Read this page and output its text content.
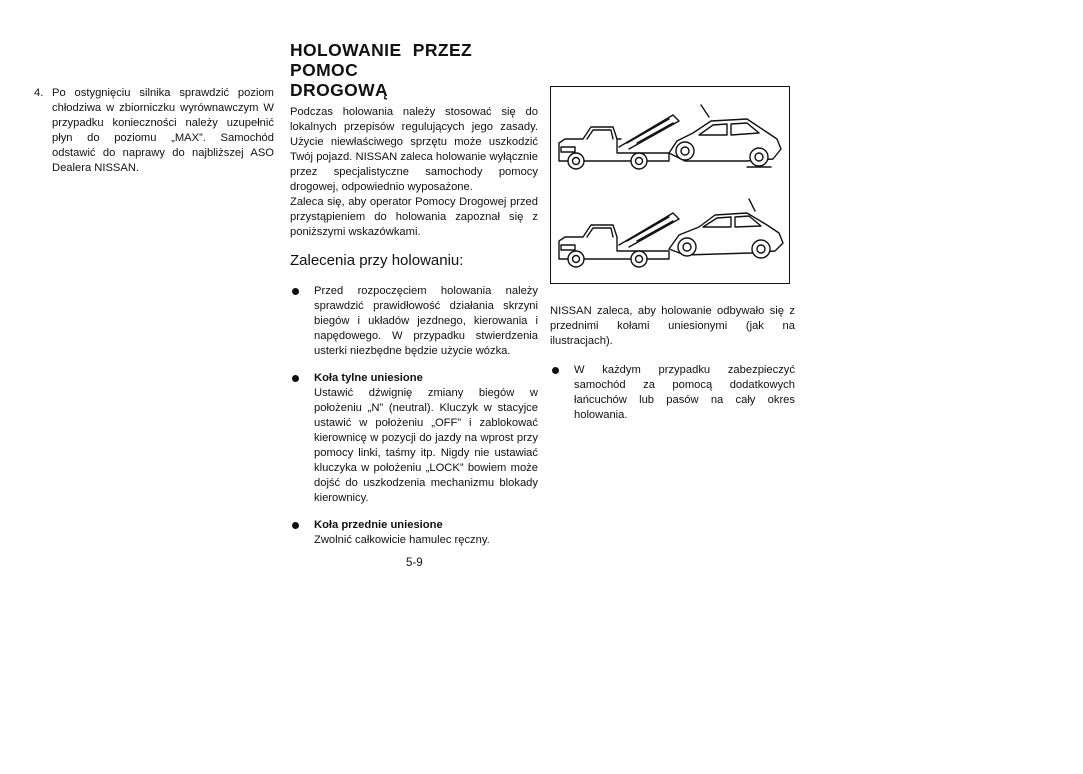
4. Po ostygnięciu silnika sprawdzić poziom chłodziwa w zbiorniczku wyrównawczym W przypadku konieczności należy uzupełnić płyn do poziomu „MAX”. Samochód odstawić do naprawy do najbliższej ASO Dealera NISSAN.
HOLOWANIE PRZEZ POMOC
DROGOWĄ

Podczas holowania należy stosować się do lokalnych przepisów regulujących jego zasady. Użycie niewłaściwego sprzętu może uszkodzić Twój pojazd. NISSAN zaleca holowanie wyłącznie przez specjalistyczne samochody pomocy drogowej, odpowiednio wyposażone.

Zaleca się, aby operator Pomocy Drogowej przed przystąpieniem do holowania zapoznał się z poniższymi wskazówkami.

Zalecenia przy holowaniu:

Przed rozpoczęciem holowania należy sprawdzić prawidłowość działania skrzyni biegów i układów jezdnego, kierowania i napędowego. W przypadku stwierdzenia usterki niezbędne będzie użycie wózka.

Koła tylne uniesione

Ustawić dźwignię zmiany biegów w położeniu „N” (neutral). Kluczyk w stacyjce ustawić w położeniu „OFF” i zablokować kierownicę w pozycji do jazdy na wprost przy pomocy linki, taśmy itp. Nigdy nie ustawiać kluczyka w położeniu „LOCK” bowiem może dojść do uszkodzenia mechanizmu blokady kierownicy.

Koła przednie uniesione

Zwolnić całkowicie hamulec ręczny.

NISSAN zaleca, aby holowanie odbywało się z przednimi kołami uniesionymi (jak na ilustracjach).

W każdym przypadku zabezpieczyć samochód za pomocą dodatkowych łańcuchów lub pasów na cały okres holowania.

5-9
